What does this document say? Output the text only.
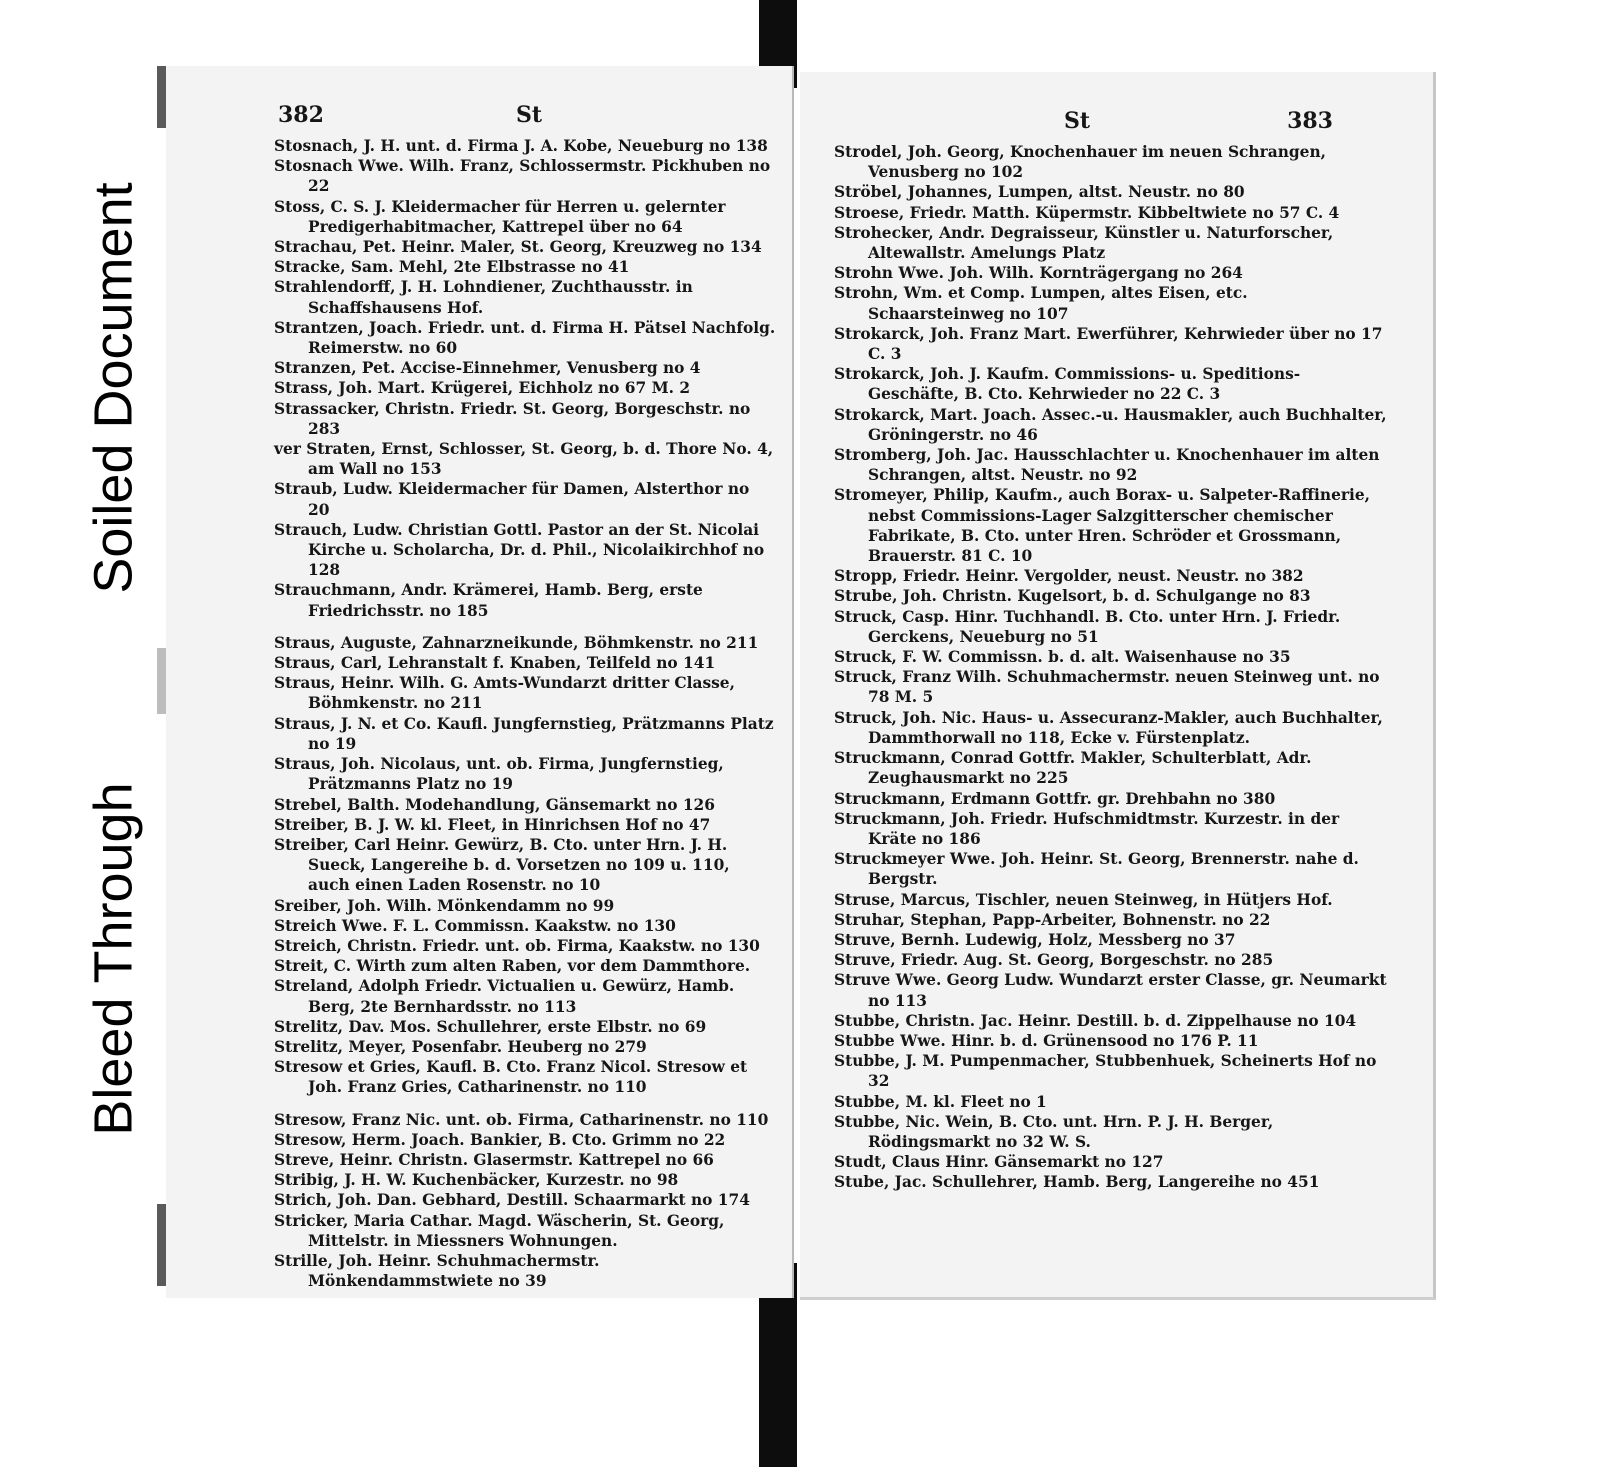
382	St
Stosnach, J. H. unt. d. Firma J. A. Kobe, Neueburg no 138
Stosnach Wwe. Wilh. Franz, Schlossermstr. Pickhuben no 22
Stoss, C. S. J. Kleidermacher für Herren u. gelernter Predigerhabitmacher, Kattrepel über no 64
Strachau, Pet. Heinr. Maler, St. Georg, Kreuzweg no 134
Stracke, Sam. Mehl, 2te Elbstrasse no 41
Strahlendorff, J. H. Lohndiener, Zuchthausstr. in Schaffshausens Hof.
Strantzen, Joach. Friedr. unt. d. Firma H. Pätsel Nachfolg. Reimerstw. no 60
Stranzen, Pet. Accise-Einnehmer, Venusberg no 4
Strass, Joh. Mart. Krügerei, Eichholz no 67 M. 2
Strassacker, Christn. Friedr. St. Georg, Borgeschstr. no 283
ver Straten, Ernst, Schlosser, St. Georg, b. d. Thore No. 4, am Wall no 153
Straub, Ludw. Kleidermacher für Damen, Alsterthor no 20
Strauch, Ludw. Christian Gottl. Pastor an der St. Nicolai Kirche u. Scholarcha, Dr. d. Phil., Nicolaikirchhof no 128
Strauchmann, Andr. Krämerei, Hamb. Berg, erste Friedrichsstr. no 185
Straus, Auguste, Zahnarzneikunde, Böhmkenstr. no 211
Straus, Carl, Lehranstalt f. Knaben, Teilfeld no 141
Straus, Heinr. Wilh. G. Amts-Wundarzt dritter Classe, Böhmkenstr. no 211
Straus, J. N. et Co. Kaufl. Jungfernstieg, Prätzmanns Platz no 19
Straus, Joh. Nicolaus, unt. ob. Firma, Jungfernstieg, Prätzmanns Platz no 19
Strebel, Balth. Modehandlung, Gänsemarkt no 126
Streiber, B. J. W. kl. Fleet, in Hinrichsen Hof no 47
Streiber, Carl Heinr. Gewürz, B. Cto. unter Hrn. J. H. Sueck, Langereihe b. d. Vorsetzen no 109 u. 110, auch einen Laden Rosenstr. no 10
Sreiber, Joh. Wilh. Mönkendamm no 99
Streich Wwe. F. L. Commissn. Kaakstw. no 130
Streich, Christn. Friedr. unt. ob. Firma, Kaakstw. no 130
Streit, C. Wirth zum alten Raben, vor dem Dammthore.
Streland, Adolph Friedr. Victualien u. Gewürz, Hamb. Berg, 2te Bernhardsstr. no 113
Strelitz, Dav. Mos. Schullehrer, erste Elbstr. no 69
Strelitz, Meyer, Posenfabr. Heuberg no 279
Stresow et Gries, Kaufl. B. Cto. Franz Nicol. Stresow et Joh. Franz Gries, Catharinenstr. no 110
Stresow, Franz Nic. unt. ob. Firma, Catharinenstr. no 110
Stresow, Herm. Joach. Bankier, B. Cto. Grimm no 22
Streve, Heinr. Christn. Glasermstr. Kattrepel no 66
Stribig, J. H. W. Kuchenbäcker, Kurzestr. no 98
Strich, Joh. Dan. Gebhard, Destill. Schaarmarkt no 174
Stricker, Maria Cathar. Magd. Wäscherin, St. Georg, Mittelstr. in Miessners Wohnungen.
Strille, Joh. Heinr. Schuhmachermstr. Mönkendammstwiete no 39
St	383
Strodel, Joh. Georg, Knochenhauer im neuen Schrangen, Venusberg no 102
Ströbel, Johannes, Lumpen, altst. Neustr. no 80
Stroese, Friedr. Matth. Küpermstr. Kibbeltwiete no 57 C. 4
Strohecker, Andr. Degraisseur, Künstler u. Naturforscher, Altewallstr. Amelungs Platz
Strohn Wwe. Joh. Wilh. Kornträgergang no 264
Strohn, Wm. et Comp. Lumpen, altes Eisen, etc. Schaarsteinweg no 107
Strokarck, Joh. Franz Mart. Ewerführer, Kehrwieder über no 17 C. 3
Strokarck, Joh. J. Kaufm. Commissions- u. Speditions-Geschäfte, B. Cto. Kehrwieder no 22 C. 3
Strokarck, Mart. Joach. Assec.-u. Hausmakler, auch Buchhalter, Gröningerstr. no 46
Stromberg, Joh. Jac. Hausschlachter u. Knochenhauer im alten Schrangen, altst. Neustr. no 92
Stromeyer, Philip, Kaufm., auch Borax- u. Salpeter-Raffinerie, nebst Commissions-Lager Salzgitterscher chemischer Fabrikate, B. Cto. unter Hren. Schröder et Grossmann, Brauerstr. 81 C. 10
Stropp, Friedr. Heinr. Vergolder, neust. Neustr. no 382
Strube, Joh. Christn. Kugelsort, b. d. Schulgange no 83
Struck, Casp. Hinr. Tuchhandl. B. Cto. unter Hrn. J. Friedr. Gerckens, Neueburg no 51
Struck, F. W. Commissn. b. d. alt. Waisenhause no 35
Struck, Franz Wilh. Schuhmachermstr. neuen Steinweg unt. no 78 M. 5
Struck, Joh. Nic. Haus- u. Assecuranz-Makler, auch Buchhalter, Dammthorwall no 118, Ecke v. Fürstenplatz.
Struckmann, Conrad Gottfr. Makler, Schulterblatt, Adr. Zeughausmarkt no 225
Struckmann, Erdmann Gottfr. gr. Drehbahn no 380
Struckmann, Joh. Friedr. Hufschmidtmstr. Kurzestr. in der Kräte no 186
Struckmeyer Wwe. Joh. Heinr. St. Georg, Brennerstr. nahe d. Bergstr.
Struse, Marcus, Tischler, neuen Steinweg, in Hütjers Hof.
Struhar, Stephan, Papp-Arbeiter, Bohnenstr. no 22
Struve, Bernh. Ludewig, Holz, Messberg no 37
Struve, Friedr. Aug. St. Georg, Borgeschstr. no 285
Struve Wwe. Georg Ludw. Wundarzt erster Classe, gr. Neumarkt no 113
Stubbe, Christn. Jac. Heinr. Destill. b. d. Zippelhause no 104
Stubbe Wwe. Hinr. b. d. Grünensood no 176 P. 11
Stubbe, J. M. Pumpenmacher, Stubbenhuek, Scheinerts Hof no 32
Stubbe, M. kl. Fleet no 1
Stubbe, Nic. Wein, B. Cto. unt. Hrn. P. J. H. Berger, Rödingsmarkt no 32 W. S.
Studt, Claus Hinr. Gänsemarkt no 127
Stube, Jac. Schullehrer, Hamb. Berg, Langereihe no 451
Soiled Document
Bleed Through
